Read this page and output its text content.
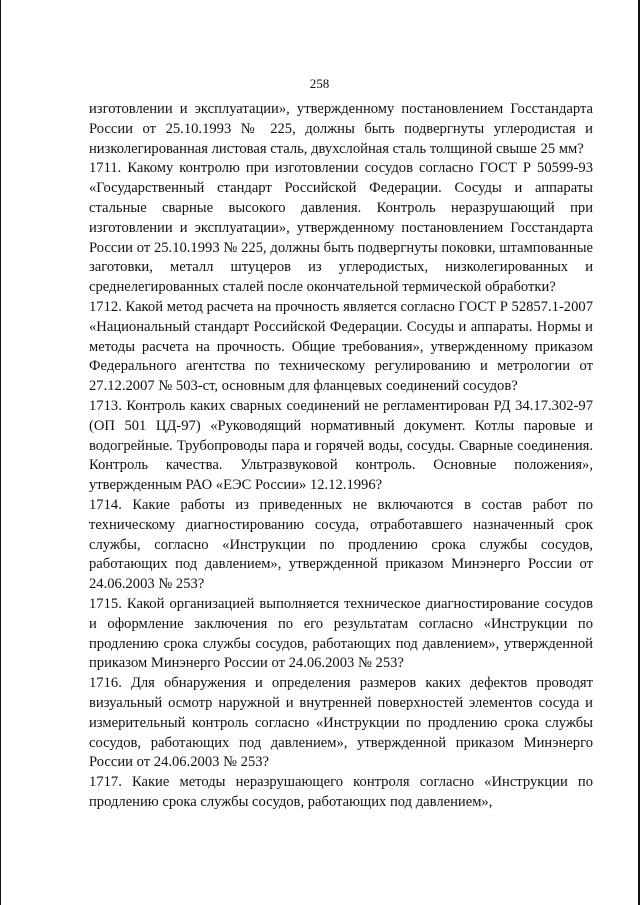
258

изготовлении и эксплуатации», утвержденному постановлением Госстандарта России от 25.10.1993 № 225, должны быть подвергнуты углеродистая и низколегированная листовая сталь, двухслойная сталь толщиной свыше 25 мм?

1711. Какому контролю при изготовлении сосудов согласно ГОСТ Р 50599-93 «Государственный стандарт Российской Федерации. Сосуды и аппараты стальные сварные высокого давления. Контроль неразрушающий при изготовлении и эксплуатации», утвержденному постановлением Госстандарта России от 25.10.1993 № 225, должны быть подвергнуты поковки, штампованные заготовки, металл штуцеров из углеродистых, низколегированных и среднелегированных сталей после окончательной термической обработки?

1712. Какой метод расчета на прочность является согласно ГОСТ Р 52857.1-2007 «Национальный стандарт Российской Федерации. Сосуды и аппараты. Нормы и методы расчета на прочность. Общие требования», утвержденному приказом Федерального агентства по техническому регулированию и метрологии от 27.12.2007 № 503-ст, основным для фланцевых соединений сосудов?

1713. Контроль каких сварных соединений не регламентирован РД 34.17.302-97 (ОП 501 ЦД-97) «Руководящий нормативный документ. Котлы паровые и водогрейные. Трубопроводы пара и горячей воды, сосуды. Сварные соединения. Контроль качества. Ультразвуковой контроль. Основные положения», утвержденным РАО «ЕЭС России» 12.12.1996?

1714. Какие работы из приведенных не включаются в состав работ по техническому диагностированию сосуда, отработавшего назначенный срок службы, согласно «Инструкции по продлению срока службы сосудов, работающих под давлением», утвержденной приказом Минэнерго России от 24.06.2003 № 253?

1715. Какой организацией выполняется техническое диагностирование сосудов и оформление заключения по его результатам согласно «Инструкции по продлению срока службы сосудов, работающих под давлением», утвержденной приказом Минэнерго России от 24.06.2003 № 253?

1716. Для обнаружения и определения размеров каких дефектов проводят визуальный осмотр наружной и внутренней поверхностей элементов сосуда и измерительный контроль согласно «Инструкции по продлению срока службы сосудов, работающих под давлением», утвержденной приказом Минэнерго России от 24.06.2003 № 253?

1717. Какие методы неразрушающего контроля согласно «Инструкции по продлению срока службы сосудов, работающих под давлением»,
